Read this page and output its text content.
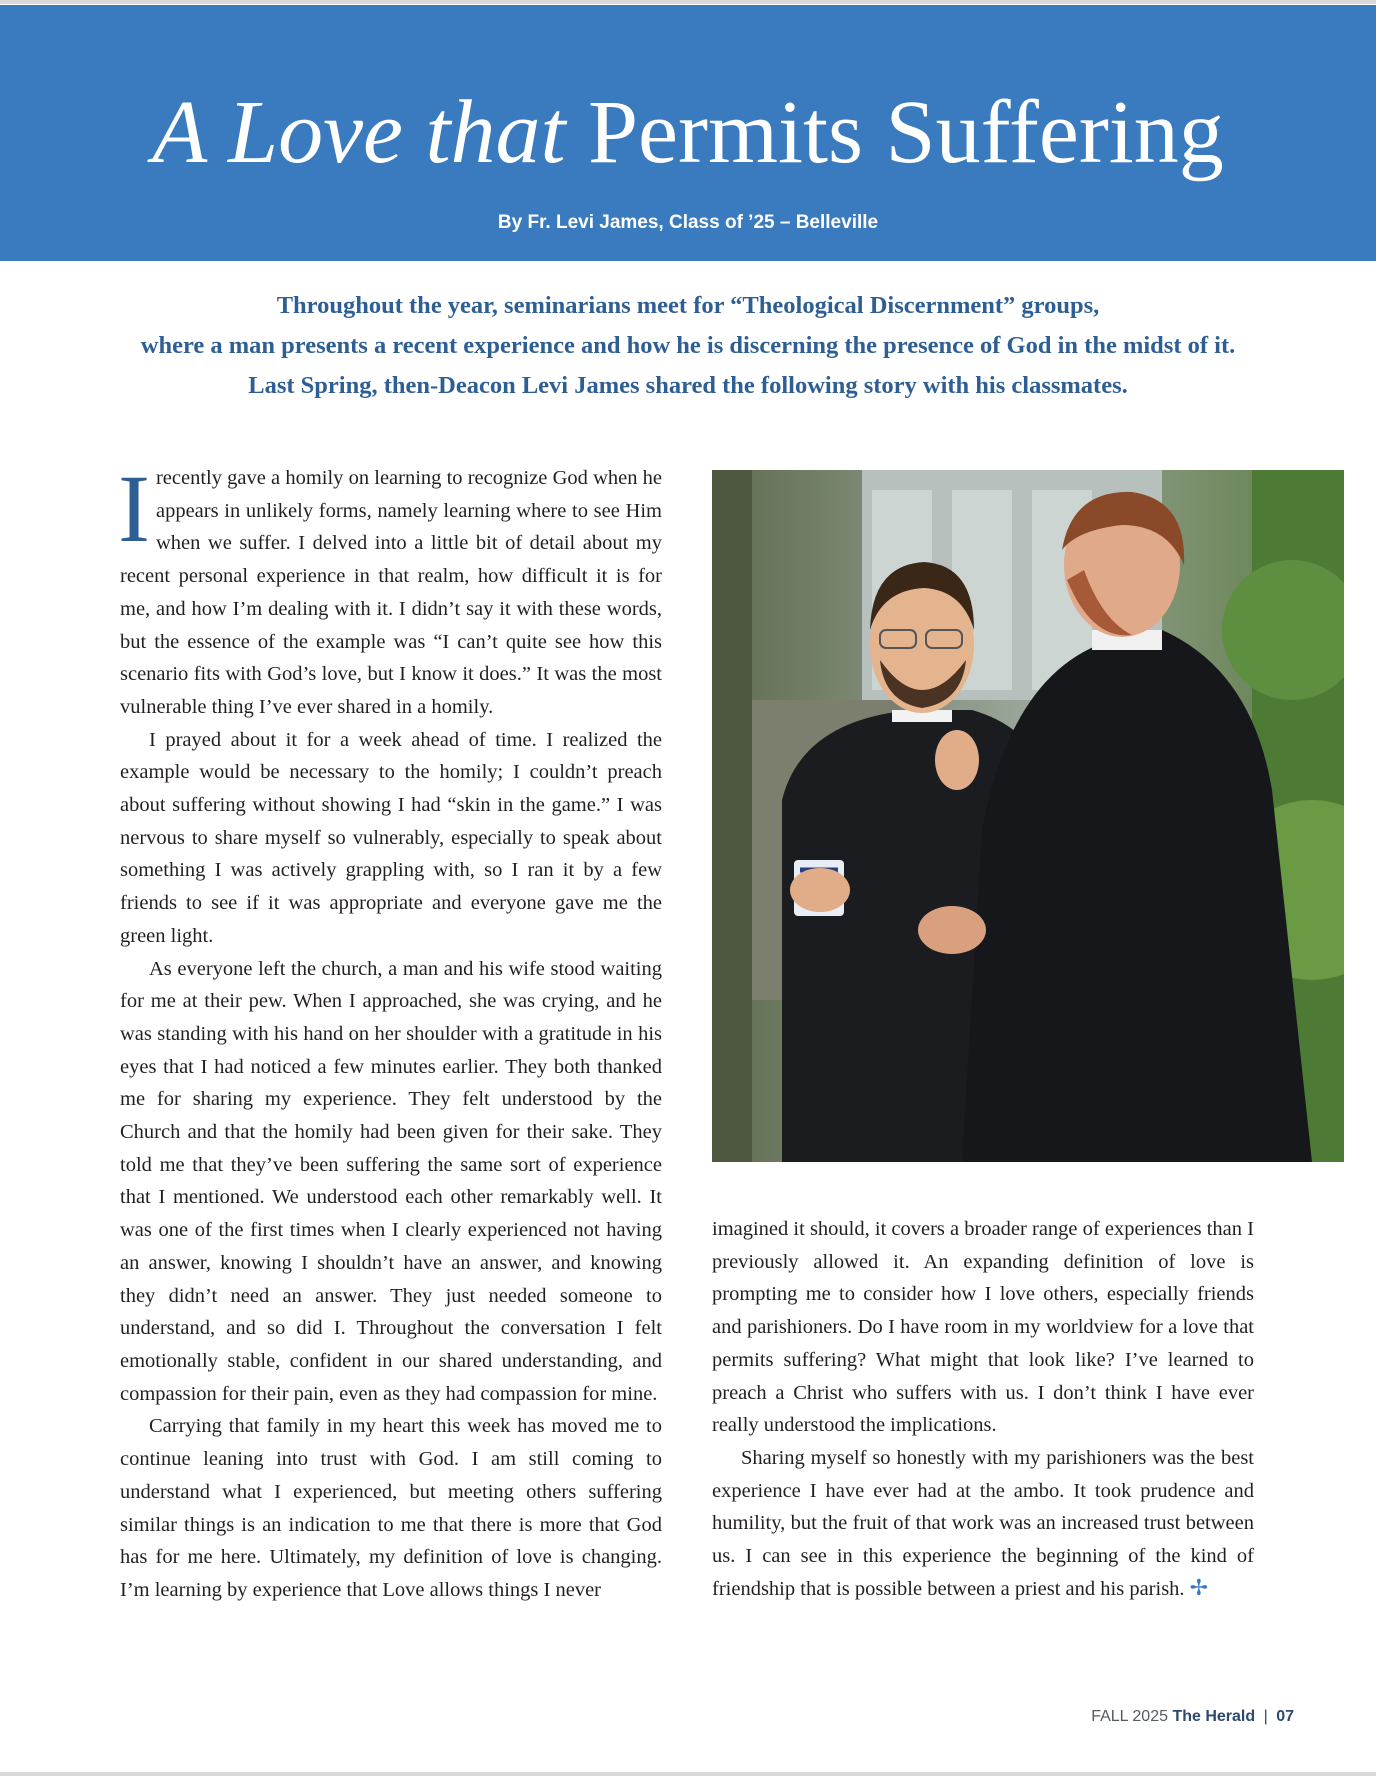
A Love that Permits Suffering
By Fr. Levi James, Class of ’25 – Belleville
Throughout the year, seminarians meet for “Theological Discernment” groups,
where a man presents a recent experience and how he is discerning the presence of God in the midst of it.
Last Spring, then-Deacon Levi James shared the following story with his classmates.

Irecently gave a homily on learning to recognize God when he appears in unlikely forms, namely learning where to see Him when we suffer. I delved into a little bit of detail about my recent personal experience in that realm, how difficult it is for me, and how I’m dealing with it. I didn’t say it with these words, but the essence of the example was “I can’t quite see how this scenario fits with God’s love, but I know it does.” It was the most vulnerable thing I’ve ever shared in a homily.

I prayed about it for a week ahead of time. I realized the example would be necessary to the homily; I couldn’t preach about suffering without showing I had “skin in the game.” I was nervous to share myself so vulnerably, especially to speak about something I was actively grappling with, so I ran it by a few friends to see if it was appropriate and everyone gave me the green light.

As everyone left the church, a man and his wife stood waiting for me at their pew. When I approached, she was crying, and he was standing with his hand on her shoulder with a gratitude in his eyes that I had noticed a few minutes earlier. They both thanked me for sharing my experience. They felt understood by the Church and that the homily had been given for their sake. They told me that they’ve been suffering the same sort of experience that I mentioned. We understood each other remarkably well. It was one of the first times when I clearly experienced not having an answer, knowing I shouldn’t have an answer, and knowing they didn’t need an answer. They just needed someone to understand, and so did I. Throughout the conversation I felt emotionally stable, confident in our shared understanding, and compassion for their pain, even as they had compassion for mine.

Carrying that family in my heart this week has moved me to continue leaning into trust with God. I am still coming to understand what I experienced, but meeting others suffering similar things is an indication to me that there is more that God has for me here. Ultimately, my definition of love is changing. I’m learning by experience that Love allows things I never

imagined it should, it covers a broader range of experiences than I previously allowed it. An expanding definition of love is prompting me to consider how I love others, especially friends and parishioners. Do I have room in my worldview for a love that permits suffering? What might that look like? I’ve learned to preach a Christ who suffers with us. I don’t think I have ever really understood the implications.

Sharing myself so honestly with my parishioners was the best experience I have ever had at the ambo. It took prudence and humility, but the fruit of that work was an increased trust between us. I can see in this experience the beginning of the kind of friendship that is possible between a priest and his parish. ✢

FALL 2025 The Herald | 07
